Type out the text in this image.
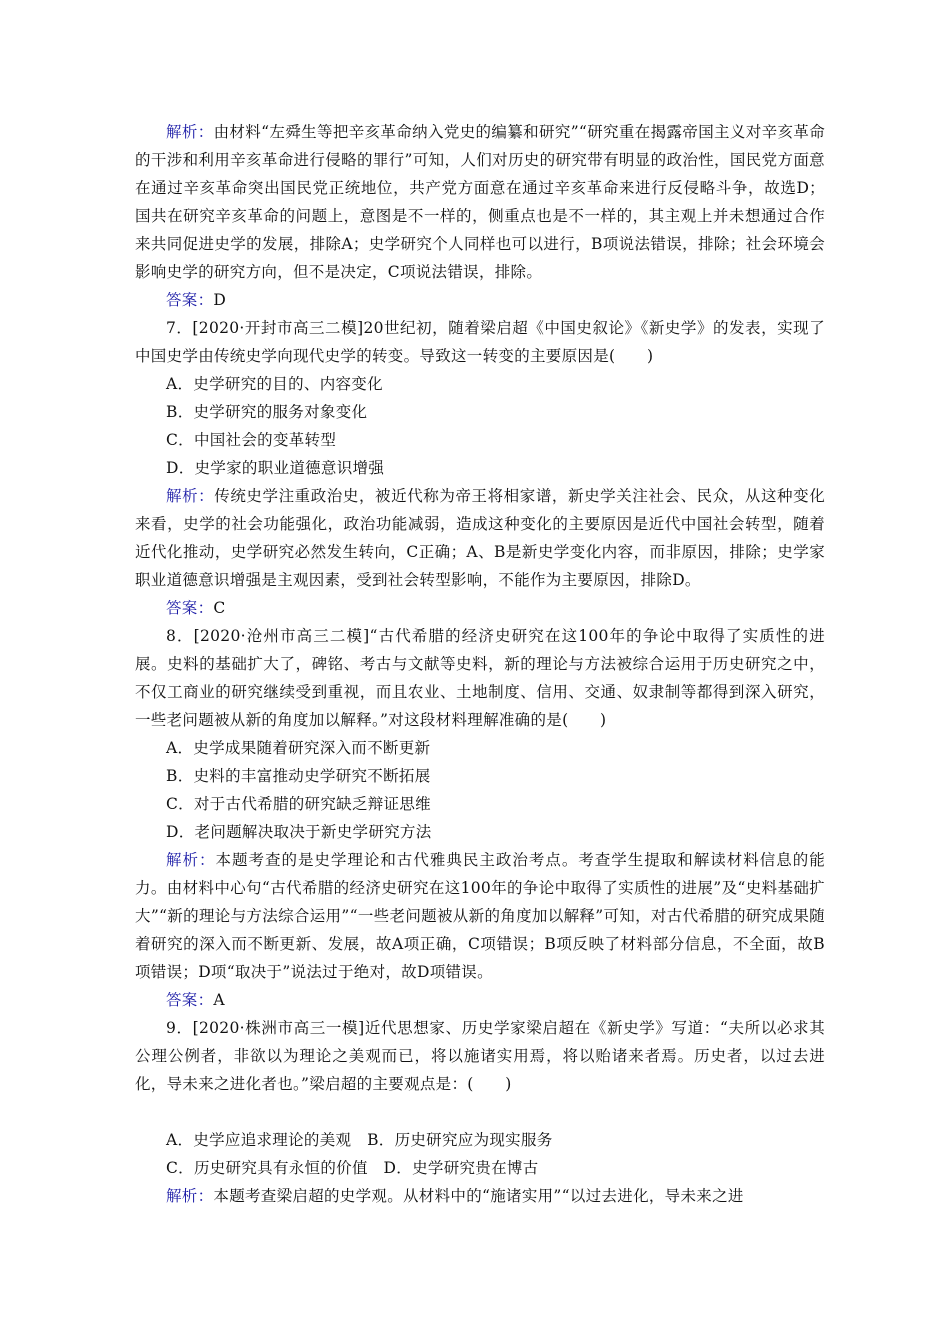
解析：由材料“左舜生等把辛亥革命纳入党史的编纂和研究”“研究重在揭露帝国主义对辛亥革命的干涉和利用辛亥革命进行侵略的罪行”可知，人们对历史的研究带有明显的政治性，国民党方面意在通过辛亥革命突出国民党正统地位，共产党方面意在通过辛亥革命来进行反侵略斗争，故选D；国共在研究辛亥革命的问题上，意图是不一样的，侧重点也是不一样的，其主观上并未想通过合作来共同促进史学的发展，排除A；史学研究个人同样也可以进行，B项说法错误，排除；社会环境会影响史学的研究方向，但不是决定，C项说法错误，排除。

答案：D

7．[2020·开封市高三二模]20世纪初，随着梁启超《中国史叙论》《新史学》的发表，实现了中国史学由传统史学向现代史学的转变。导致这一转变的主要原因是(　　)

A．史学研究的目的、内容变化

B．史学研究的服务对象变化

C．中国社会的变革转型

D．史学家的职业道德意识增强

解析：传统史学注重政治史，被近代称为帝王将相家谱，新史学关注社会、民众，从这种变化来看，史学的社会功能强化，政治功能减弱，造成这种变化的主要原因是近代中国社会转型，随着近代化推动，史学研究必然发生转向，C正确；A、B是新史学变化内容，而非原因，排除；史学家职业道德意识增强是主观因素，受到社会转型影响，不能作为主要原因，排除D。

答案：C

8．[2020·沧州市高三二模]“古代希腊的经济史研究在这100年的争论中取得了实质性的进展。史料的基础扩大了，碑铭、考古与文献等史料，新的理论与方法被综合运用于历史研究之中，不仅工商业的研究继续受到重视，而且农业、土地制度、信用、交通、奴隶制等都得到深入研究，一些老问题被从新的角度加以解释。”对这段材料理解准确的是(　　)

A．史学成果随着研究深入而不断更新

B．史料的丰富推动史学研究不断拓展

C．对于古代希腊的研究缺乏辩证思维

D．老问题解决取决于新史学研究方法

解析：本题考查的是史学理论和古代雅典民主政治考点。考查学生提取和解读材料信息的能力。由材料中心句“古代希腊的经济史研究在这100年的争论中取得了实质性的进展”及“史料基础扩大”“新的理论与方法综合运用”“一些老问题被从新的角度加以解释”可知，对古代希腊的研究成果随着研究的深入而不断更新、发展，故A项正确，C项错误；B项反映了材料部分信息，不全面，故B项错误；D项“取决于”说法过于绝对，故D项错误。

答案：A

9．[2020·株洲市高三一模]近代思想家、历史学家梁启超在《新史学》写道：“夫所以必求其公理公例者，非欲以为理论之美观而已，将以施诸实用焉，将以贻诸来者焉。历史者，以过去进化，导未来之进化者也。”梁启超的主要观点是：(　　)

A．史学应追求理论的美观　B．历史研究应为现实服务

C．历史研究具有永恒的价值　D．史学研究贵在博古

解析：本题考查梁启超的史学观。从材料中的“施诸实用”“以过去进化，导未来之进
